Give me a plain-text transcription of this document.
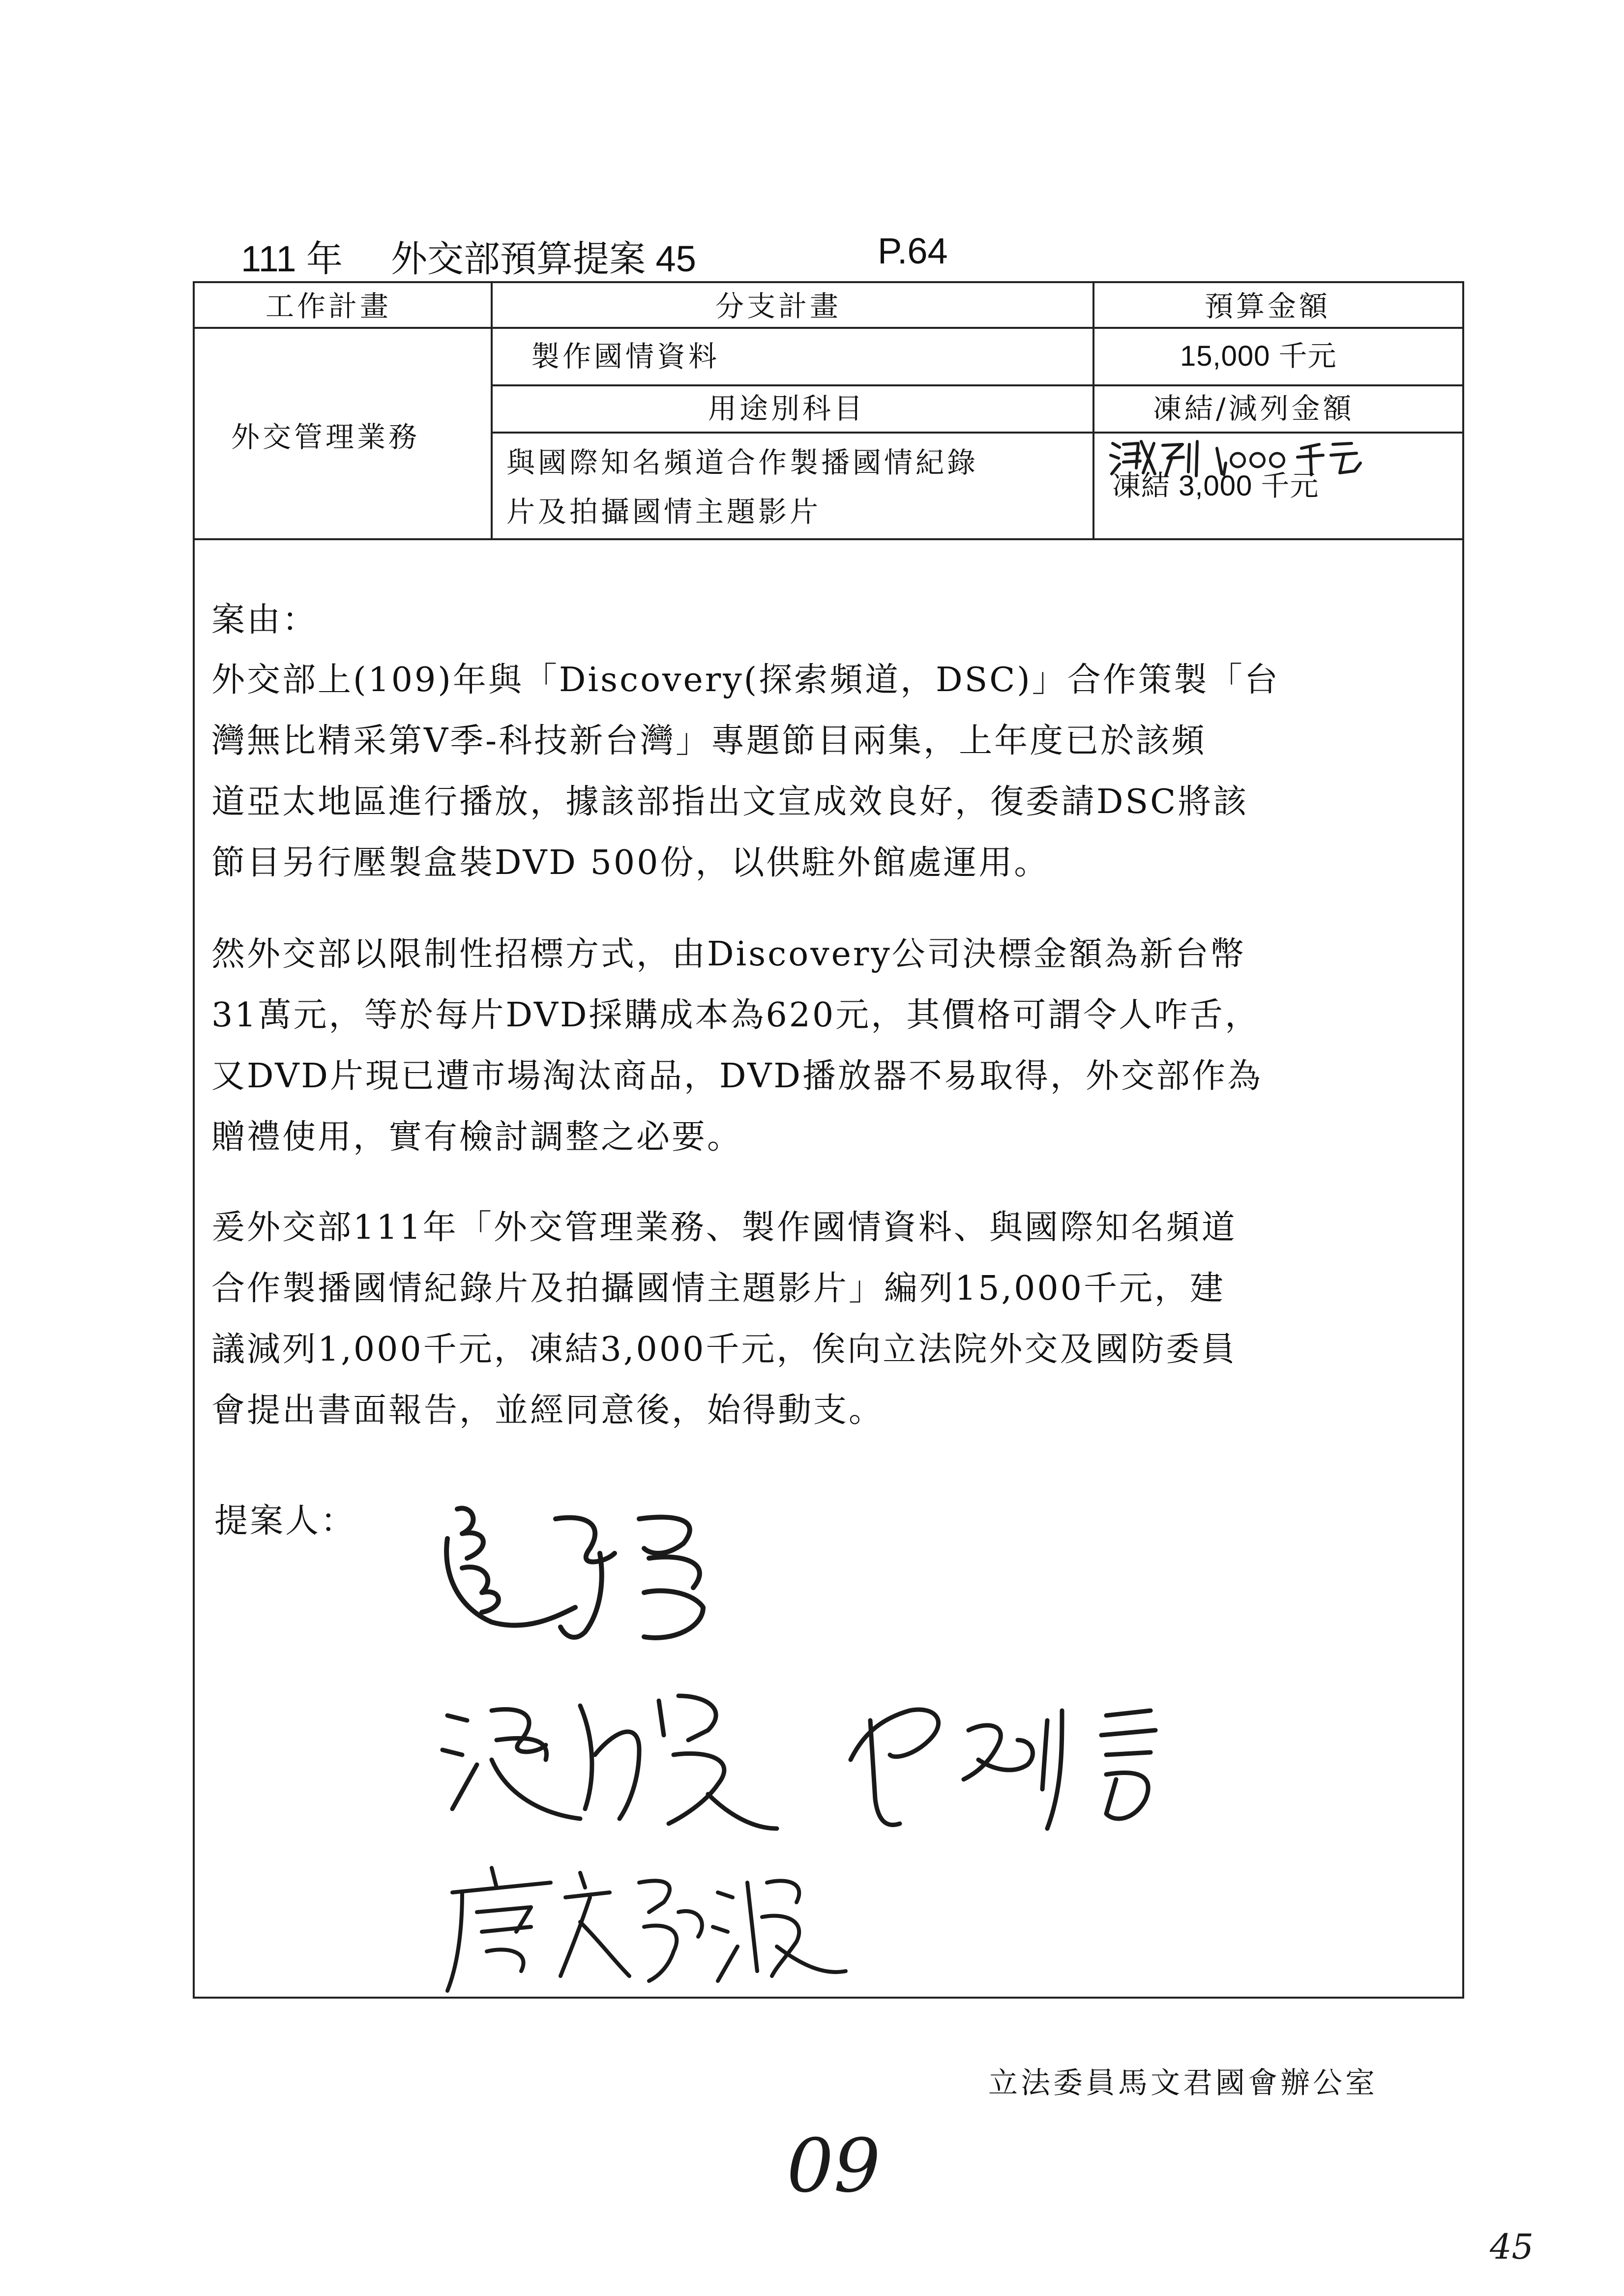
111 年 外交部預算提案 45	P.64
工作計畫	分支計畫	預算金額
外交管理業務
製作國情資料	15,000 千元
用途別科目	凍結/減列金額
與國際知名頻道合作製播國情紀錄
片及拍攝國情主題影片
凍結 3,000 千元
案由：

外交部上(109)年與「Discovery(探索頻道，DSC)」合作策製「台

灣無比精采第Ⅴ季-科技新台灣」專題節目兩集，上年度已於該頻

道亞太地區進行播放，據該部指出文宣成效良好，復委請DSC將該

節目另行壓製盒裝DVD 500份，以供駐外館處運用。

然外交部以限制性招標方式，由Discovery公司決標金額為新台幣

31萬元，等於每片DVD採購成本為620元，其價格可謂令人咋舌，

又DVD片現已遭市場淘汰商品，DVD播放器不易取得，外交部作為

贈禮使用，實有檢討調整之必要。

爰外交部111年「外交管理業務、製作國情資料、與國際知名頻道

合作製播國情紀錄片及拍攝國情主題影片」編列15,000千元，建

議減列1,000千元，凍結3,000千元，俟向立法院外交及國防委員

會提出書面報告，並經同意後，始得動支。

提案人：
立法委員馬文君國會辦公室
09
45
